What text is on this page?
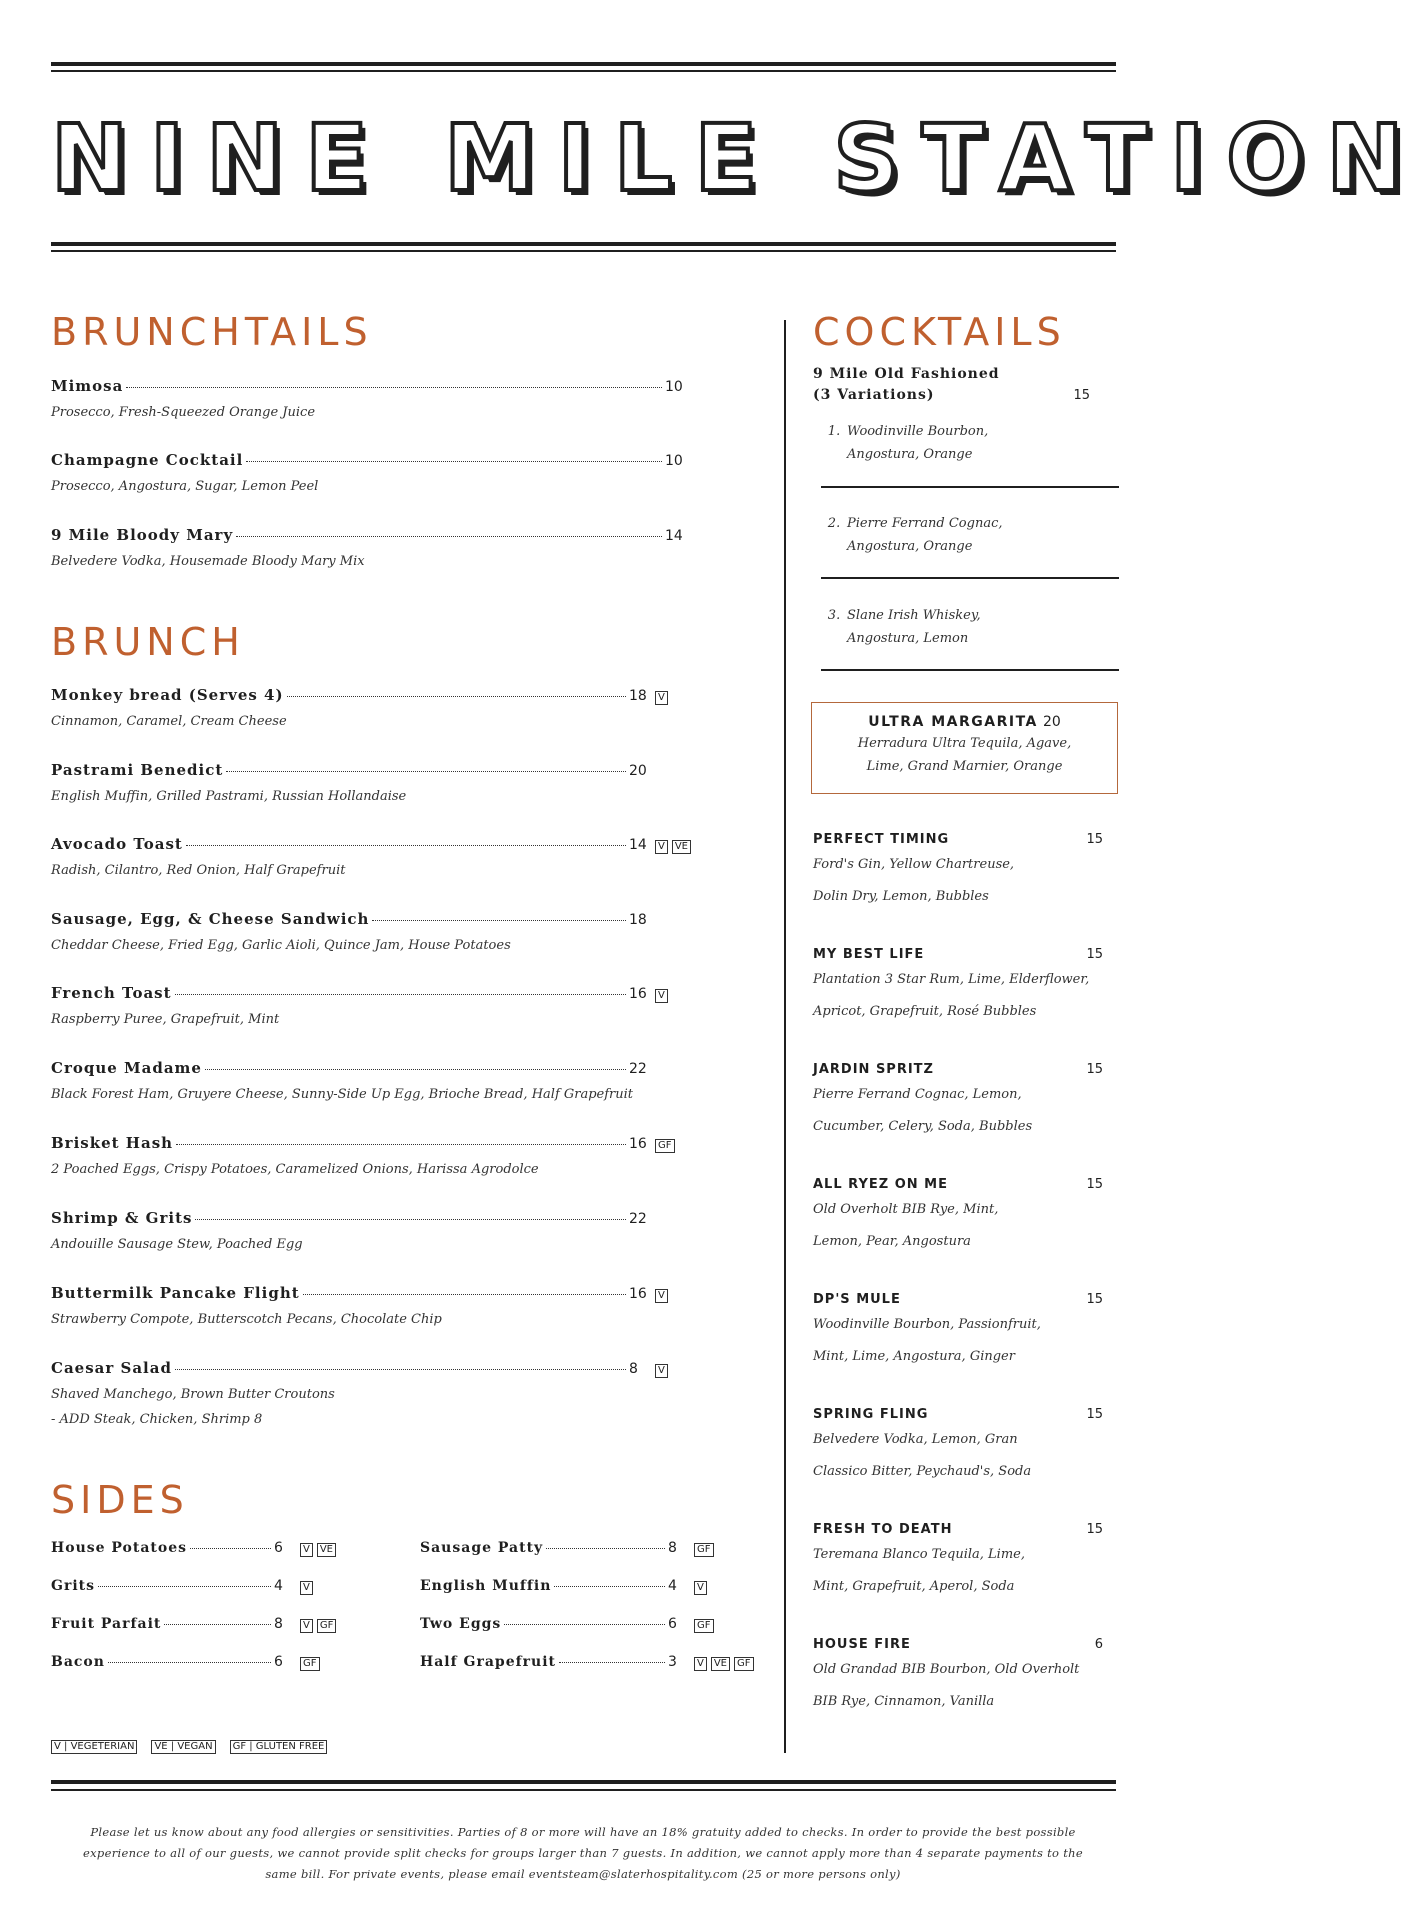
NINE MILE STATION
BRUNCHTAILS
Mimosa	10
Prosecco, Fresh-Squeezed Orange Juice
Champagne Cocktail	10
Prosecco, Angostura, Sugar, Lemon Peel
9 Mile Bloody Mary	14
Belvedere Vodka, Housemade Bloody Mary Mix
BRUNCH
Monkey bread (Serves 4)	18	V
Cinnamon, Caramel, Cream Cheese
Pastrami Benedict	20
English Muffin, Grilled Pastrami, Russian Hollandaise
Avocado Toast	14	V	VE
Radish, Cilantro, Red Onion, Half Grapefruit
Sausage, Egg, & Cheese Sandwich	18
Cheddar Cheese, Fried Egg, Garlic Aioli, Quince Jam, House Potatoes
French Toast	16	V
Raspberry Puree, Grapefruit, Mint
Croque Madame	22
Black Forest Ham, Gruyere Cheese, Sunny-Side Up Egg, Brioche Bread, Half Grapefruit
Brisket Hash	16	GF
2 Poached Eggs, Crispy Potatoes, Caramelized Onions, Harissa Agrodolce
Shrimp & Grits	22
Andouille Sausage Stew, Poached Egg
Buttermilk Pancake Flight	16	V
Strawberry Compote, Butterscotch Pecans, Chocolate Chip
Caesar Salad	8	V
Shaved Manchego, Brown Butter Croutons
- ADD Steak, Chicken, Shrimp 8
SIDES
House Potatoes	6	V	VE
Grits	4	V
Fruit Parfait	8	V	GF
Bacon	6	GF
Sausage Patty	8	GF
English Muffin	4	V
Two Eggs	6	GF
Half Grapefruit	3	V	VE	GF
V | VEGETERIAN	VE | VEGAN	GF | GLUTEN FREE
COCKTAILS
9 Mile Old Fashioned
(3 Variations)	15
1. Woodinville Bourbon,
Angostura, Orange
2. Pierre Ferrand Cognac,
Angostura, Orange
3. Slane Irish Whiskey,
Angostura, Lemon
ULTRA MARGARITA 20
Herradura Ultra Tequila, Agave,
Lime, Grand Marnier, Orange
PERFECT TIMING	15
Ford's Gin, Yellow Chartreuse,
Dolin Dry, Lemon, Bubbles
MY BEST LIFE	15
Plantation 3 Star Rum, Lime, Elderflower,
Apricot, Grapefruit, Rosé Bubbles
JARDIN SPRITZ	15
Pierre Ferrand Cognac, Lemon,
Cucumber, Celery, Soda, Bubbles
ALL RYEZ ON ME	15
Old Overholt BIB Rye, Mint,
Lemon, Pear, Angostura
DP'S MULE	15
Woodinville Bourbon, Passionfruit,
Mint, Lime, Angostura, Ginger
SPRING FLING	15
Belvedere Vodka, Lemon, Gran
Classico Bitter, Peychaud's, Soda
FRESH TO DEATH	15
Teremana Blanco Tequila, Lime,
Mint, Grapefruit, Aperol, Soda
HOUSE FIRE	6
Old Grandad BIB Bourbon, Old Overholt
BIB Rye, Cinnamon, Vanilla
Please let us know about any food allergies or sensitivities. Parties of 8 or more will have an 18% gratuity added to checks. In order to provide the best possible experience to all of our guests, we cannot provide split checks for groups larger than 7 guests. In addition, we cannot apply more than 4 separate payments to the same bill. For private events, please email eventsteam@slaterhospitality.com (25 or more persons only)
